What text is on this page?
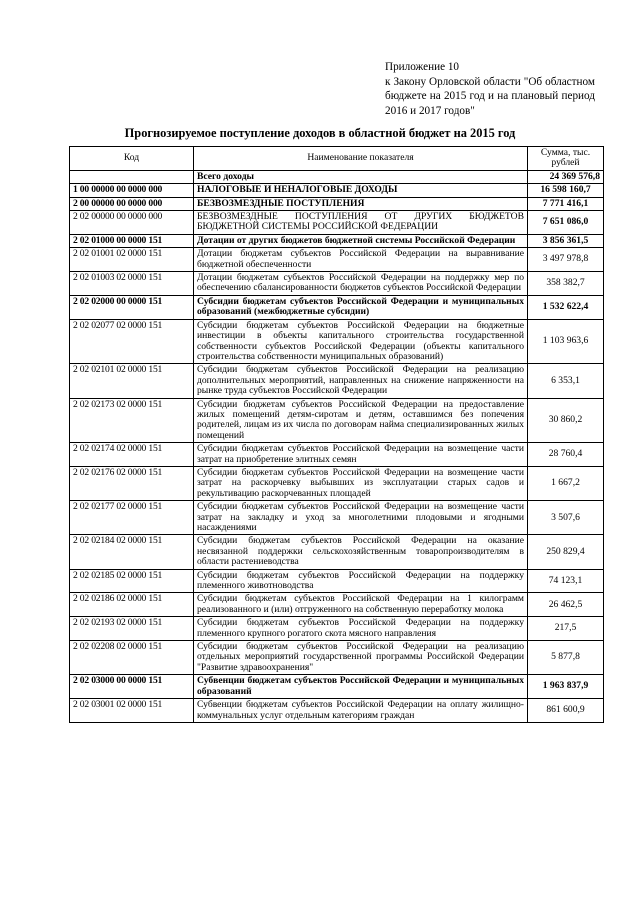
Приложение 10
к Закону Орловской области "Об областном бюджете на 2015 год и на плановый период 2016 и 2017 годов"
Прогнозируемое поступление доходов в областной бюджет на 2015 год
Код	Наименование показателя	Сумма, тыс. рублей
	Всего доходы	24 369 576,8
1 00 00000 00 0000 000	НАЛОГОВЫЕ И НЕНАЛОГОВЫЕ ДОХОДЫ	16 598 160,7
2 00 00000 00 0000 000	БЕЗВОЗМЕЗДНЫЕ ПОСТУПЛЕНИЯ	7 771 416,1
2 02 00000 00 0000 000	БЕЗВОЗМЕЗДНЫЕ ПОСТУПЛЕНИЯ ОТ ДРУГИХ БЮДЖЕТОВ БЮДЖЕТНОЙ СИСТЕМЫ РОССИЙСКОЙ ФЕДЕРАЦИИ	7 651 086,0
2 02 01000 00 0000 151	Дотации от других бюджетов бюджетной системы Российской Федерации	3 856 361,5
2 02 01001 02 0000 151	Дотации бюджетам субъектов Российской Федерации на выравнивание бюджетной обеспеченности	3 497 978,8
2 02 01003 02 0000 151	Дотации бюджетам субъектов Российской Федерации на поддержку мер по обеспечению сбалансированности бюджетов субъектов Российской Федерации	358 382,7
2 02 02000 00 0000 151	Субсидии бюджетам субъектов Российской Федерации и муниципальных образований (межбюджетные субсидии)	1 532 622,4
2 02 02077 02 0000 151	Субсидии бюджетам субъектов Российской Федерации на бюджетные инвестиции в объекты капитального строительства государственной собственности субъектов Российской Федерации (объекты капитального строительства собственности муниципальных образований)	1 103 963,6
2 02 02101 02 0000 151	Субсидии бюджетам субъектов Российской Федерации на реализацию дополнительных мероприятий, направленных на снижение напряженности на рынке труда субъектов Российской Федерации	6 353,1
2 02 02173 02 0000 151	Субсидии бюджетам субъектов Российской Федерации на предоставление жилых помещений детям-сиротам и детям, оставшимся без попечения родителей, лицам из их числа по договорам найма специализированных жилых помещений	30 860,2
2 02 02174 02 0000 151	Субсидии бюджетам субъектов Российской Федерации на возмещение части затрат на приобретение элитных семян	28 760,4
2 02 02176 02 0000 151	Субсидии бюджетам субъектов Российской Федерации на возмещение части затрат на раскорчевку выбывших из эксплуатации старых садов и рекультивацию раскорчеванных площадей	1 667,2
2 02 02177 02 0000 151	Субсидии бюджетам субъектов Российской Федерации на возмещение части затрат на закладку и уход за многолетними плодовыми и ягодными насаждениями	3 507,6
2 02 02184 02 0000 151	Субсидии бюджетам субъектов Российской Федерации на оказание несвязанной поддержки сельскохозяйственным товаропроизводителям в области растениеводства	250 829,4
2 02 02185 02 0000 151	Субсидии бюджетам субъектов Российской Федерации на поддержку племенного животноводства	74 123,1
2 02 02186 02 0000 151	Субсидии бюджетам субъектов Российской Федерации на 1 килограмм реализованного и (или) отгруженного на собственную переработку молока	26 462,5
2 02 02193 02 0000 151	Субсидии бюджетам субъектов Российской Федерации на поддержку племенного крупного рогатого скота мясного направления	217,5
2 02 02208 02 0000 151	Субсидии бюджетам субъектов Российской Федерации на реализацию отдельных мероприятий государственной программы Российской Федерации "Развитие здравоохранения"	5 877,8
2 02 03000 00 0000 151	Субвенции бюджетам субъектов Российской Федерации и муниципальных образований	1 963 837,9
2 02 03001 02 0000 151	Субвенции бюджетам субъектов Российской Федерации на оплату жилищно-коммунальных услуг отдельным категориям граждан	861 600,9
